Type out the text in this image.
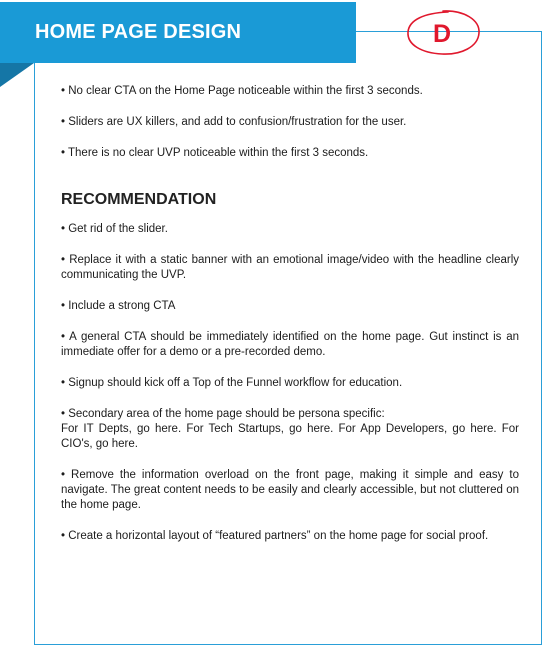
HOME PAGE DESIGN	D

• No clear CTA on the Home Page noticeable within the first 3 seconds.

• Sliders are UX killers, and add to confusion/frustration for the user.

• There is no clear UVP noticeable within the first 3 seconds.

RECOMMENDATION

• Get rid of the slider.

• Replace it with a static banner with an emotional image/video with the headline clearly communicating the UVP.

• Include a strong CTA

• A general CTA should be immediately identified on the home page. Gut instinct is an immediate offer for a demo or a pre-recorded demo.

• Signup should kick off a Top of the Funnel workflow for education.

• Secondary area of the home page should be persona specific:

For IT Depts, go here. For Tech Startups, go here. For App Developers, go here. For CIO's, go here.

• Remove the information overload on the front page, making it simple and easy to navigate. The great content needs to be easily and clearly accessible, but not cluttered on the home page.

• Create a horizontal layout of “featured partners” on the home page for social proof.
